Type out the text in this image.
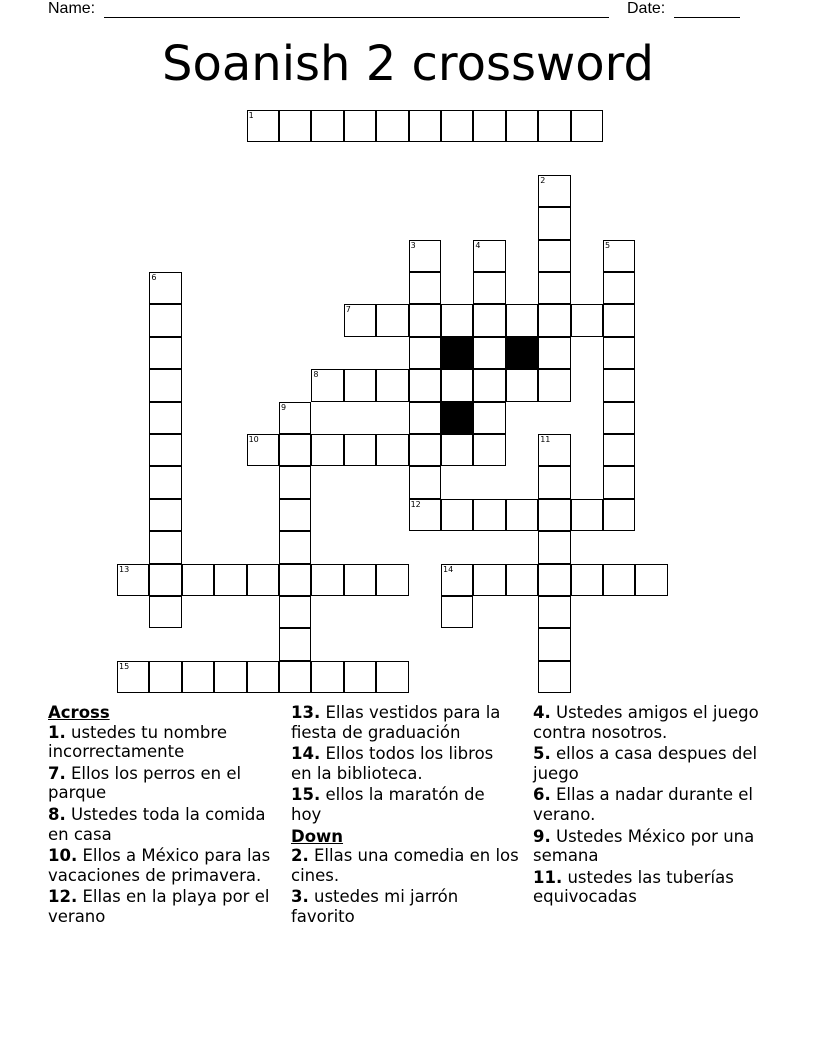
Name:	Date:
Soanish 2 crossword
1
2
3	4	5
6
7
8
9
10	11
12
13	14
15
Across
1. ustedes tu nombre incorrectamente
7. Ellos los perros en el parque
8. Ustedes toda la comida en casa
10. Ellos a México para las vacaciones de primavera.
12. Ellas en la playa por el verano
13. Ellas vestidos para la fiesta de graduación
14. Ellos todos los libros en la biblioteca.
15. ellos la maratón de hoy
Down
2. Ellas una comedia en los cines.
3. ustedes mi jarrón favorito
4. Ustedes amigos el juego contra nosotros.
5. ellos a casa despues del juego
6. Ellas a nadar durante el verano.
9. Ustedes México por una semana
11. ustedes las tuberías equivocadas
